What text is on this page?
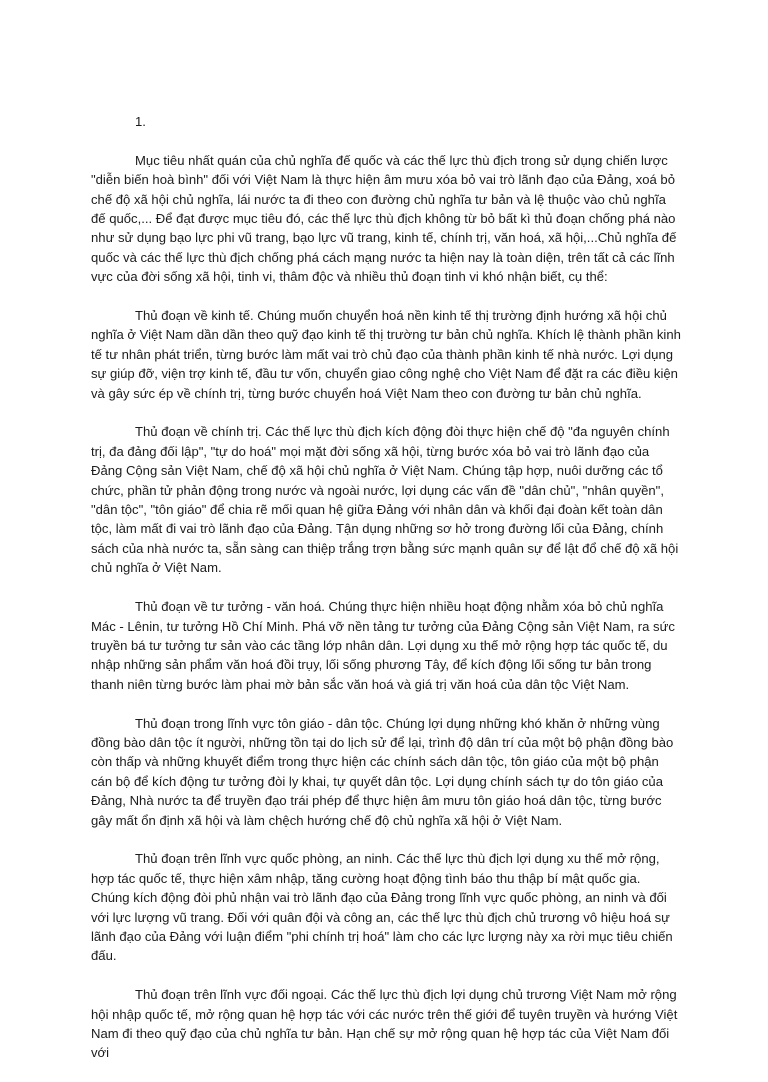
1.

Mục tiêu nhất quán của chủ nghĩa đế quốc và các thế lực thù địch trong sử dụng chiến lược "diễn biến hoà bình" đối với Việt Nam là thực hiện âm mưu xóa bỏ vai trò lãnh đạo của Đảng, xoá bỏ chế độ xã hội chủ nghĩa, lái nước ta đi theo con đường chủ nghĩa tư bản và lệ thuộc vào chủ nghĩa đế quốc,... Để đạt được mục tiêu đó, các thế lực thù địch không từ bỏ bất kì thủ đoạn chống phá nào như sử dụng bạo lực phi vũ trang, bạo lực vũ trang, kinh tế, chính trị, văn hoá, xã hội,...Chủ nghĩa đế quốc và các thế lực thù địch chống phá cách mạng nước ta hiện nay là toàn diện, trên tất cả các lĩnh vực của đời sống xã hội, tinh vi, thâm độc và nhiều thủ đoạn tinh vi khó nhận biết, cụ thể:

Thủ đoạn về kinh tế. Chúng muốn chuyển hoá nền kinh tế thị trường định hướng xã hội chủ nghĩa ở Việt Nam dần dần theo quỹ đạo kinh tế thị trường tư bản chủ nghĩa. Khích lệ thành phần kinh tế tư nhân phát triển, từng bước làm mất vai trò chủ đạo của thành phần kinh tế nhà nước. Lợi dụng sự giúp đỡ, viện trợ kinh tế, đầu tư vốn, chuyển giao công nghệ cho Việt Nam để đặt ra các điều kiện và gây sức ép về chính trị, từng bước chuyển hoá Việt Nam theo con đường tư bản chủ nghĩa.

Thủ đoạn về chính trị. Các thế lực thù địch kích động đòi thực hiện chế độ "đa nguyên chính trị, đa đảng đối lập", "tự do hoá" mọi mặt đời sống xã hội, từng bước xóa bỏ vai trò lãnh đạo của Đảng Cộng sản Việt Nam, chế độ xã hội chủ nghĩa ở Việt Nam. Chúng tập hợp, nuôi dưỡng các tổ chức, phần tử phản động trong nước và ngoài nước, lợi dụng các vấn đề "dân chủ", "nhân quyền", "dân tộc", "tôn giáo" để chia rẽ mối quan hệ giữa Đảng với nhân dân và khối đại đoàn kết toàn dân tộc, làm mất đi vai trò lãnh đạo của Đảng. Tận dụng những sơ hở trong đường lối của Đảng, chính sách của nhà nước ta, sẵn sàng can thiệp trắng trợn bằng sức mạnh quân sự để lật đổ chế độ xã hội chủ nghĩa ở Việt Nam.

Thủ đoạn về tư tưởng - văn hoá. Chúng thực hiện nhiều hoạt động nhằm xóa bỏ chủ nghĩa Mác - Lênin, tư tưởng Hồ Chí Minh. Phá vỡ nền tảng tư tưởng của Đảng Cộng sản Việt Nam, ra sức truyền bá tư tưởng tư sản vào các tầng lớp nhân dân. Lợi dụng xu thế mở rộng hợp tác quốc tế, du nhập những sản phẩm văn hoá đồi trụy, lối sống phương Tây, để kích động lối sống tư bản trong thanh niên từng bước làm phai mờ bản sắc văn hoá và giá trị văn hoá của dân tộc Việt Nam.

Thủ đoạn trong lĩnh vực tôn giáo - dân tộc. Chúng lợi dụng những khó khăn ở những vùng đồng bào dân tộc ít người, những tồn tại do lịch sử để lại, trình độ dân trí của một bộ phận đồng bào còn thấp và những khuyết điểm trong thực hiện các chính sách dân tộc, tôn giáo của một bộ phận cán bộ để kích động tư tưởng đòi ly khai, tự quyết dân tộc. Lợi dụng chính sách tự do tôn giáo của Đảng, Nhà nước ta để truyền đạo trái phép để thực hiện âm mưu tôn giáo hoá dân tộc, từng bước gây mất ổn định xã hội và làm chệch hướng chế độ chủ nghĩa xã hội ở Việt Nam.

Thủ đoạn trên lĩnh vực quốc phòng, an ninh. Các thế lực thù địch lợi dụng xu thế mở rộng, hợp tác quốc tế, thực hiện xâm nhập, tăng cường hoạt động tình báo thu thập bí mật quốc gia. Chúng kích động đòi phủ nhận vai trò lãnh đạo của Đảng trong lĩnh vực quốc phòng, an ninh và đối với lực lượng vũ trang. Đối với quân đội và công an, các thế lực thù địch chủ trương vô hiệu hoá sự lãnh đạo của Đảng với luận điểm "phi chính trị hoá" làm cho các lực lượng này xa rời mục tiêu chiến đấu.

Thủ đoạn trên lĩnh vực đối ngoại. Các thế lực thù địch lợi dụng chủ trương Việt Nam mở rộng hội nhập quốc tế, mở rộng quan hệ hợp tác với các nước trên thế giới để tuyên truyền và hướng Việt Nam đi theo quỹ đạo của chủ nghĩa tư bản. Hạn chế sự mở rộng quan hệ hợp tác của Việt Nam đối với
